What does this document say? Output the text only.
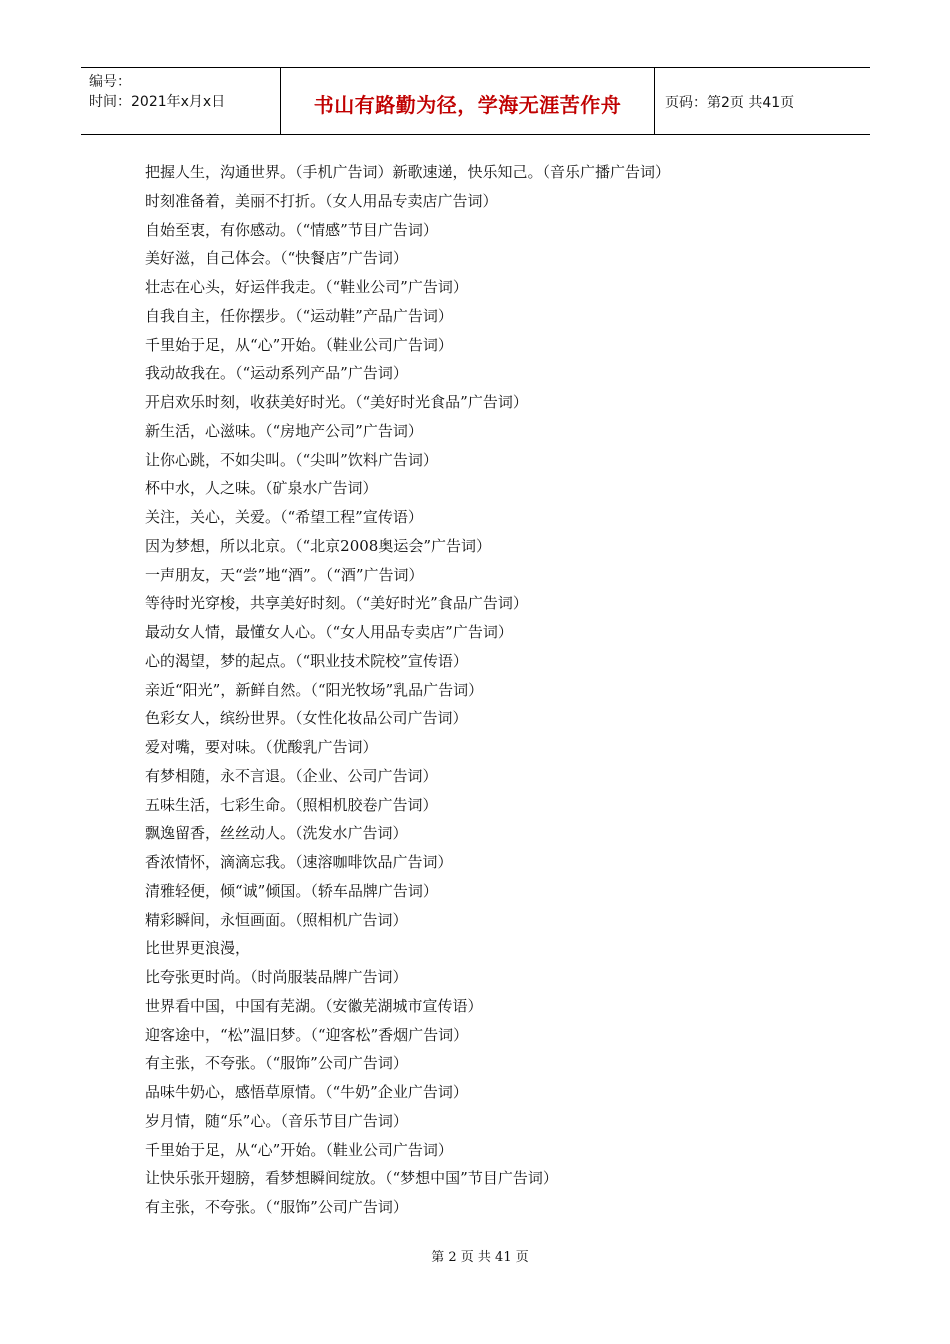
编号：
时间：2021年x月x日	书山有路勤为径，学海无涯苦作舟	页码：第2页 共41页
把握人生，沟通世界。（手机广告词）新歌速递，快乐知己。（音乐广播广告词）
时刻准备着，美丽不打折。（女人用品专卖店广告词）
自始至衷，有你感动。（“情感”节目广告词）
美好滋，自己体会。（“快餐店”广告词）
壮志在心头，好运伴我走。（“鞋业公司”广告词）
自我自主，任你摆步。（“运动鞋”产品广告词）
千里始于足，从“心”开始。（鞋业公司广告词）
我动故我在。（“运动系列产品”广告词）
开启欢乐时刻，收获美好时光。（“美好时光食品”广告词）
新生活，心滋味。（“房地产公司”广告词）
让你心跳，不如尖叫。（“尖叫”饮料广告词）
杯中水，人之味。（矿泉水广告词）
关注，关心，关爱。（“希望工程”宣传语）
因为梦想，所以北京。（“北京2008奥运会”广告词）
一声朋友，天“尝”地“酒”。（“酒”广告词）
等待时光穿梭，共享美好时刻。（“美好时光”食品广告词）
最动女人情，最懂女人心。（“女人用品专卖店”广告词）
心的渴望，梦的起点。（“职业技术院校”宣传语）
亲近“阳光”，新鲜自然。（“阳光牧场”乳品广告词）
色彩女人，缤纷世界。（女性化妆品公司广告词）
爱对嘴，要对味。（优酸乳广告词）
有梦相随，永不言退。（企业、公司广告词）
五味生活，七彩生命。（照相机胶卷广告词）
飘逸留香，丝丝动人。（洗发水广告词）
香浓情怀，滴滴忘我。（速溶咖啡饮品广告词）
清雅轻便，倾“诚”倾国。（轿车品牌广告词）
精彩瞬间，永恒画面。（照相机广告词）
比世界更浪漫，
比夸张更时尚。（时尚服装品牌广告词）
世界看中国，中国有芜湖。（安徽芜湖城市宣传语）
迎客途中，“松”温旧梦。（“迎客松”香烟广告词）
有主张，不夸张。（“服饰”公司广告词）
品味牛奶心，感悟草原情。（“牛奶”企业广告词）
岁月情，随“乐”心。（音乐节目广告词）
千里始于足，从“心”开始。（鞋业公司广告词）
让快乐张开翅膀，看梦想瞬间绽放。（“梦想中国”节目广告词）
有主张，不夸张。（“服饰”公司广告词）
第 2 页 共 41 页
